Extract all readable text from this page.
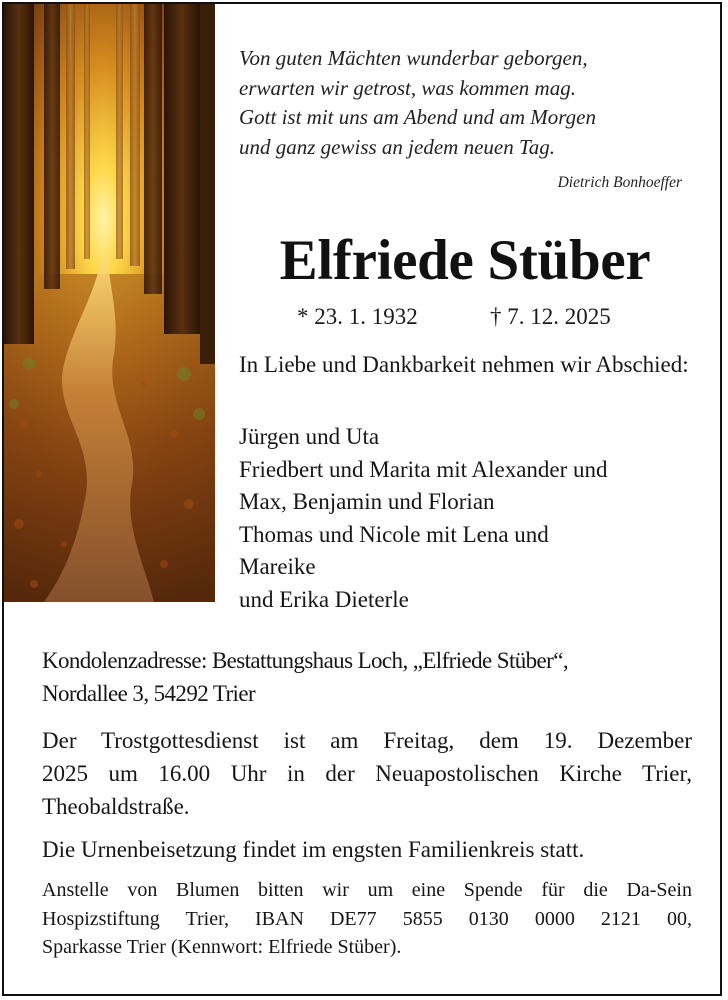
Von guten Mächten wunderbar geborgen,
erwarten wir getrost, was kommen mag.
Gott ist mit uns am Abend und am Morgen
und ganz gewiss an jedem neuen Tag.
Dietrich Bonhoeffer
Elfriede Stüber
* 23. 1. 1932	† 7. 12. 2025
In Liebe und Dankbarkeit nehmen wir Abschied:
Jürgen und Uta
Friedbert und Marita mit Alexander und
Max, Benjamin und Florian
Thomas und Nicole mit Lena und
Mareike
und Erika Dieterle
Kondolenzadresse: Bestattungshaus Loch, „Elfriede Stüber“,
Nordallee 3, 54292 Trier
Der Trostgottesdienst ist am Freitag, dem 19. Dezember
2025 um 16.00 Uhr in der Neuapostolischen Kirche Trier,
Theobaldstraße.
Die Urnenbeisetzung findet im engsten Familienkreis statt.
Anstelle von Blumen bitten wir um eine Spende für die Da-Sein
Hospizstiftung Trier, IBAN DE77 5855 0130 0000 2121 00,
Sparkasse Trier (Kennwort: Elfriede Stüber).
